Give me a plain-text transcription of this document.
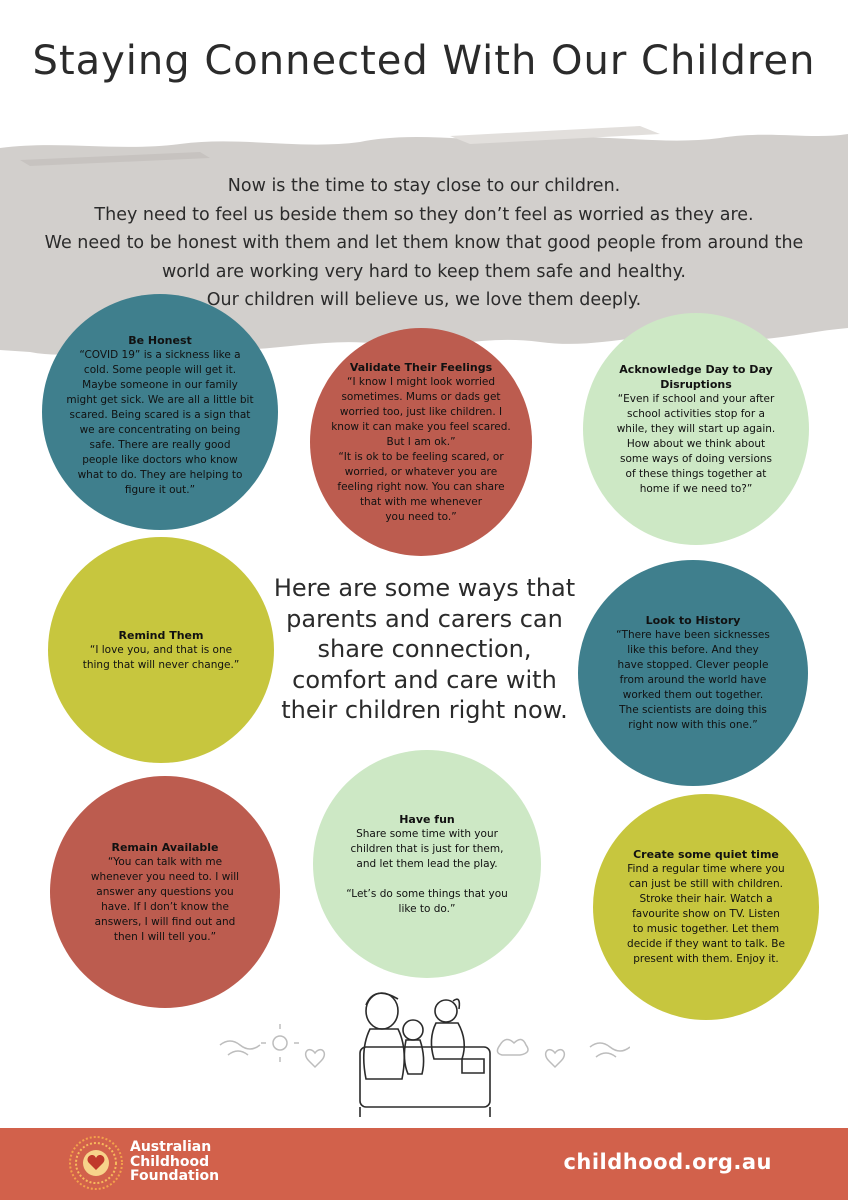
Staying Connected With Our Children
Now is the time to stay close to our children.
They need to feel us beside them so they don’t feel as worried as they are.
We need to be honest with them and let them know that good people from around the
world are working very hard to keep them safe and healthy.
Our children will believe us, we love them deeply.
Be Honest
“COVID 19” is a sickness like a
cold. Some people will get it.
Maybe someone in our family
might get sick. We are all a little bit
scared. Being scared is a sign that
we are concentrating on being
safe. There are really good
people like doctors who know
what to do. They are helping to
figure it out.”
Validate Their Feelings
“I know I might look worried
sometimes. Mums or dads get
worried too, just like children. I
know it can make you feel scared.
But I am ok.”
“It is ok to be feeling scared, or
worried, or whatever you are
feeling right now. You can share
that with me whenever
you need to.”
Acknowledge Day to Day
Disruptions
“Even if school and your after
school activities stop for a
while, they will start up again.
How about we think about
some ways of doing versions
of these things together at
home if we need to?”
Remind Them
“I love you, and that is one
thing that will never change.”
Look to History
“There have been sicknesses
like this before. And they
have stopped. Clever people
from around the world have
worked them out together.
The scientists are doing this
right now with this one.”
Remain Available
“You can talk with me
whenever you need to. I will
answer any questions you
have. If I don’t know the
answers, I will find out and
then I will tell you.”
Have fun
Share some time with your
children that is just for them,
and let them lead the play.

“Let’s do some things that you
like to do.”
Create some quiet time
Find a regular time where you
can just be still with children.
Stroke their hair. Watch a
favourite show on TV. Listen
to music together. Let them
decide if they want to talk. Be
present with them. Enjoy it.
Here are some ways that
parents and carers can
share connection,
comfort and care with
their children right now.
Australian
Childhood
Foundation
childhood.org.au
